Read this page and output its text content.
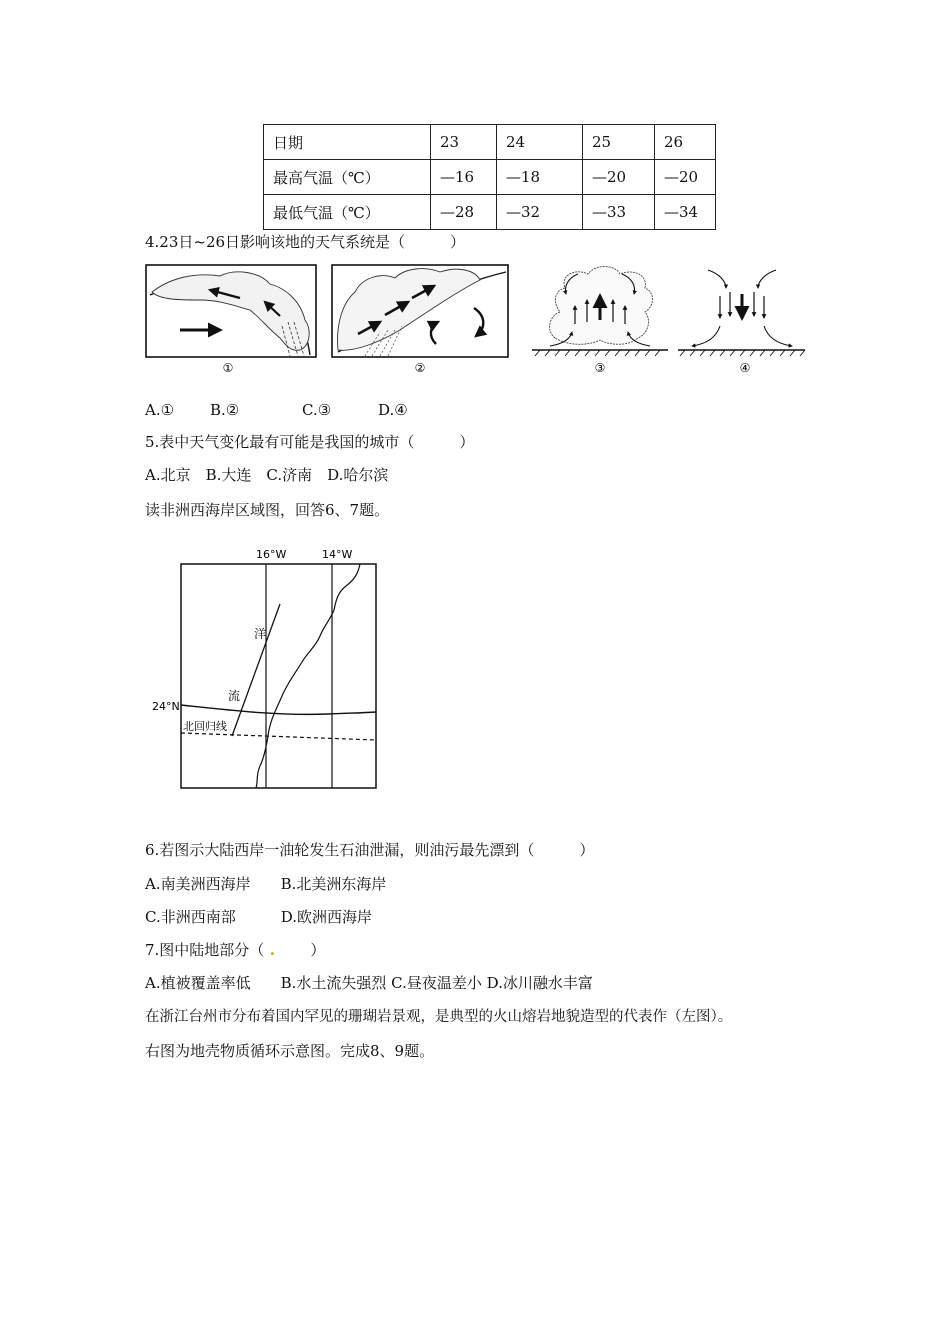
日期	23	24	25	26
最高气温（℃）	—16	—18	—20	—20
最低气温（℃）	—28	—32	—33	—34
4.23日~26日影响该地的天气系统是（　　　）
①	②	③	④
A.① B.②	C.③	D.④
5.表中天气变化最有可能是我国的城市（　　　）
A.北京　B.大连　C.济南　D.哈尔滨
读非洲西海岸区域图，回答6、7题。
16°W	14°W
24°N
北回归线
洋
流
6.若图示大陆西岸一油轮发生石油泄漏，则油污最先漂到（　　　）
A.南美洲西海岸　　B.北美洲东海岸
C.非洲西南部　　　D.欧洲西海岸
7.图中陆地部分（ .　　）
A.植被覆盖率低　　B.水土流失强烈 C.昼夜温差小 D.冰川融水丰富
在浙江台州市分布着国内罕见的珊瑚岩景观，是典型的火山熔岩地貌造型的代表作（左图）。
右图为地壳物质循环示意图。完成8、9题。
